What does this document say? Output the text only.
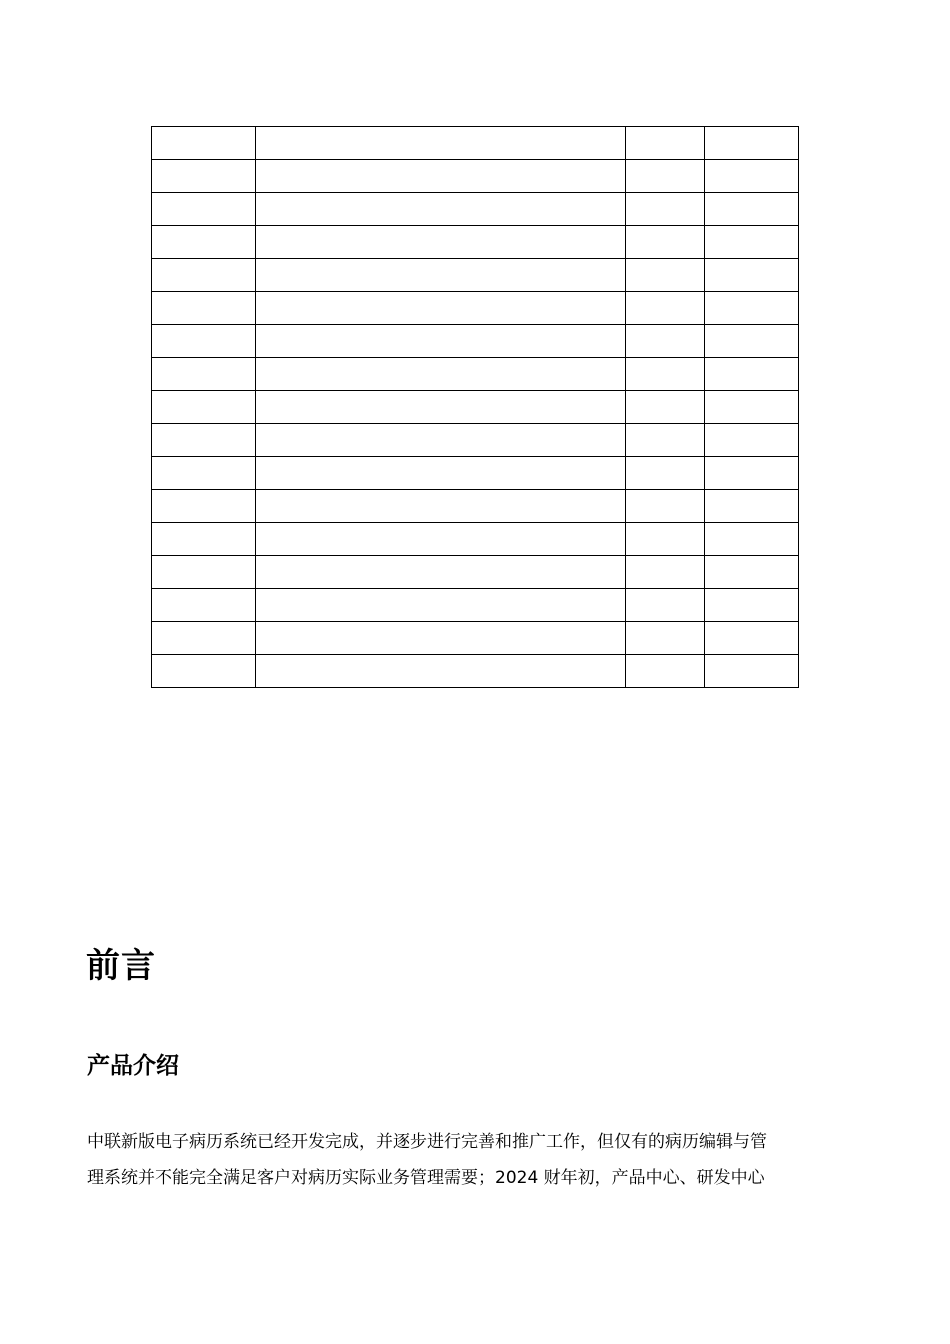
前言
产品介绍

中联新版电子病历系统已经开发完成，并逐步进行完善和推广工作，但仅有的病历编辑与管
理系统并不能完全满足客户对病历实际业务管理需要；2024 财年初，产品中心、研发中心
